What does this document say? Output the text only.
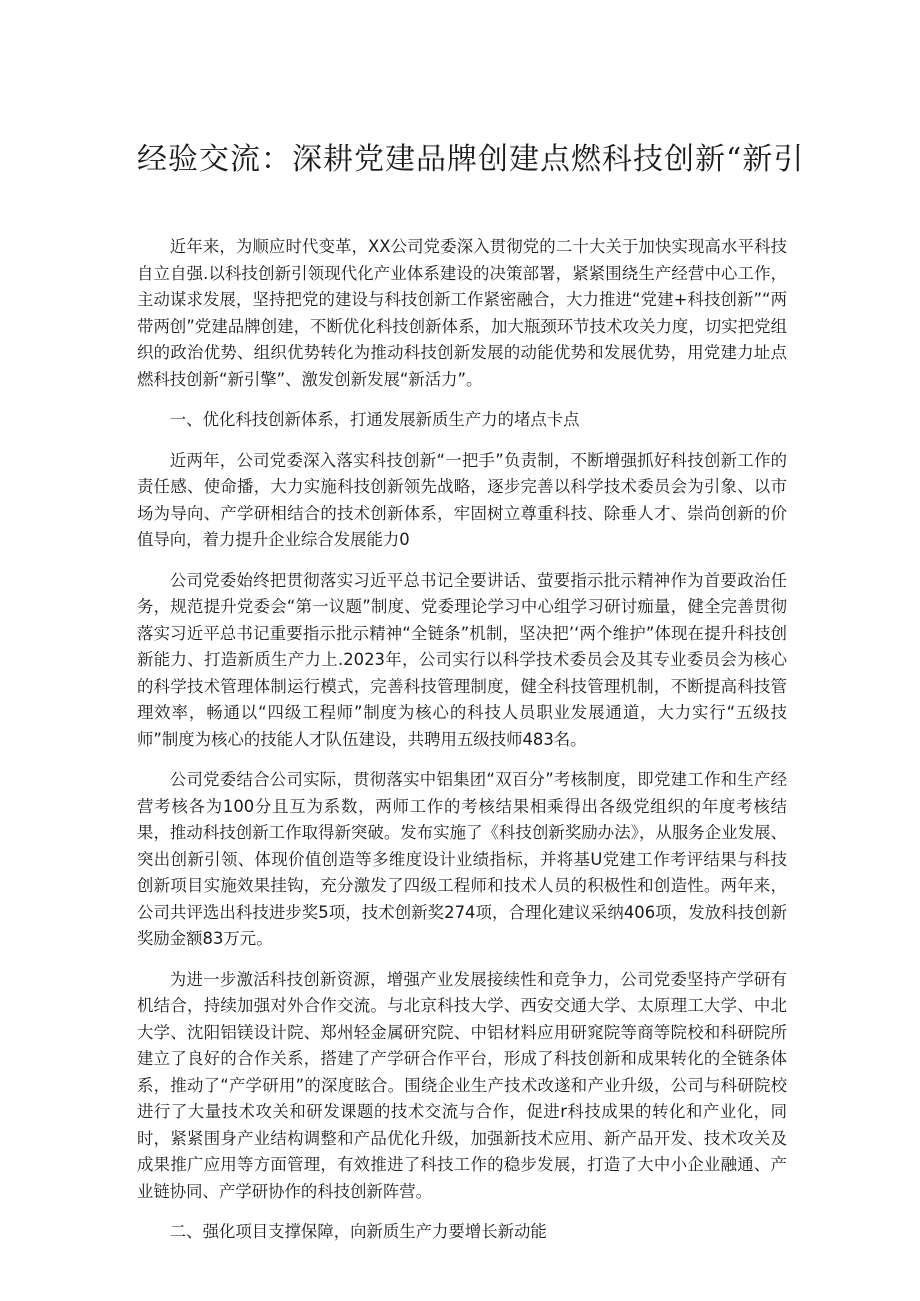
经验交流：深耕党建品牌创建点燃科技创新“新引

近年来，为顺应时代变革，XX公司党委深入贯彻党的二十大关于加快实现高水平科技自立自强.以科技创新引领现代化产业体系建设的决策部署，紧紧围绕生产经营中心工作，主动谋求发展，坚持把党的建设与科技创新工作紧密融合，大力推进“党建+科技创新”“两带两创”党建品牌创建，不断优化科技创新体系，加大瓶颈环节技术攻关力度，切实把党组织的政治优势、组织优势转化为推动科技创新发展的动能优势和发展优势，用党建力址点燃科技创新“新引擎”、激发创新发展“新活力”。

一、优化科技创新体系，打通发展新质生产力的堵点卡点

近两年，公司党委深入落实科技创新“一把手”负责制，不断增强抓好科技创新工作的责任感、使命播，大力实施科技创新领先战略，逐步完善以科学技术委员会为引象、以市场为导向、产学研相结合的技术创新体系，牢固树立尊重科技、除垂人才、崇尚创新的价值导向，着力提升企业综合发展能力0

公司党委始终把贯彻落实习近平总书记全要讲话、萤要指示批示精神作为首要政治任务，规范提升党委会“第一议题”制度、党委理论学习中心组学习研讨痂量，健全完善贯彻落实习近平总书记重要指示批示精神“全链条”机制，坚决把’‘两个维护”体现在提升科技创新能力、打造新质生产力上.2023年，公司实行以科学技术委员会及其专业委员会为核心的科学技术管理体制运行模式，完善科技管理制度，健全科技管理机制，不断提高科技管理效率，畅通以“四级工程师”制度为核心的科技人员职业发展通道，大力实行“五级技师”制度为核心的技能人才队伍建设，共聘用五级技师483名。

公司党委结合公司实际，贯彻落实中铝集团“双百分”考核制度，即党建工作和生产经营考核各为100分且互为系数，两师工作的考核结果相乘得出各级党组织的年度考核结果，推动科技创新工作取得新突破。发布实施了《科技创新奖励办法》，从服务企业发展、突出创新引领、体现价值创造等多维度设计业绩指标，并将基U党建工作考评结果与科技创新项目实施效果挂钩，充分激发了四级工程师和技术人员的积极性和创造性。两年来，公司共评选出科技进步奖5项，技术创新奖274项，合理化建议采纳406项，发放科技创新奖励金额83万元。

为进一步激活科技创新资源，增强产业发展接续性和竞争力，公司党委坚持产学研有机结合，持续加强对外合作交流。与北京科技大学、西安交通大学、太原理工大学、中北大学、沈阳铝镁设计院、郑州轻金属研究院、中铝材料应用研窕院等商等院校和科研院所建立了良好的合作关系，搭建了产学研合作平台，形成了科技创新和成果转化的全链条体系，推动了“产学研用”的深度眩合。围绕企业生产技术改遂和产业升级，公司与科研院校进行了大量技术攻关和研发课题的技术交流与合作，促进r科技成果的转化和产业化，同时，紧紧围身产业结构调整和产品优化升级，加强新技术应用、新产品开发、技术攻关及成果推广应用等方面管理，有效推进了科技工作的稳步发展，打造了大中小企业融通、产业链协同、产学研协作的科技创新阵营。

二、强化项目支撑保障，向新质生产力要增长新动能
